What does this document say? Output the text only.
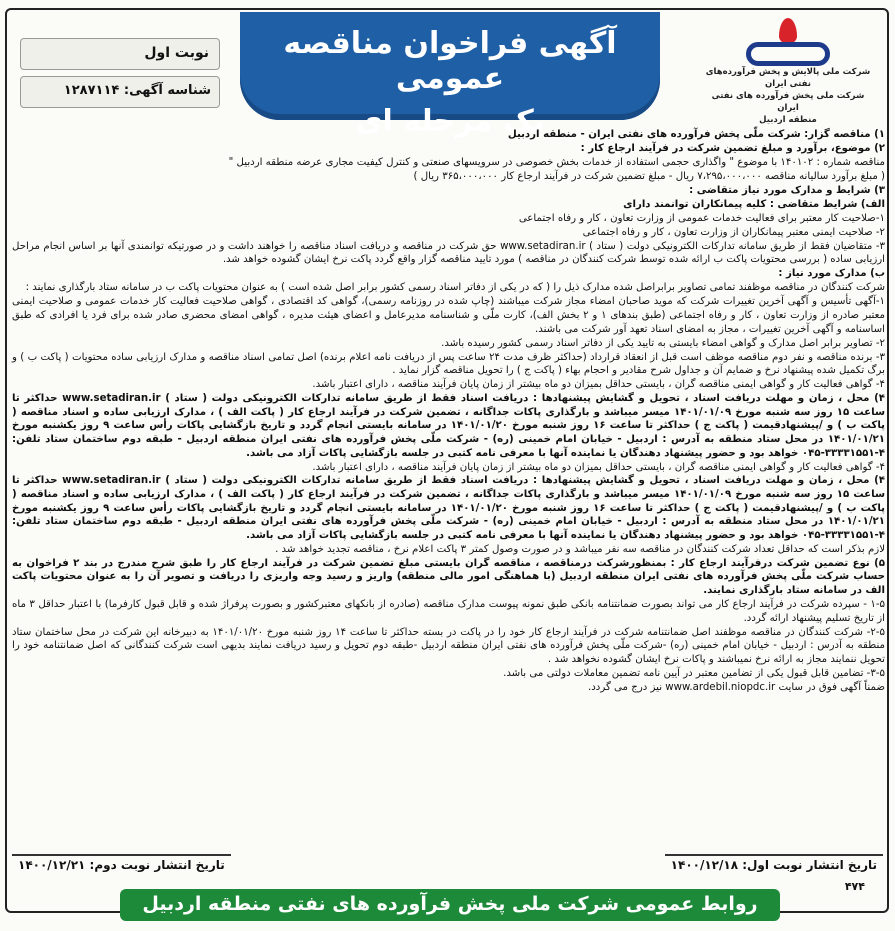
نوبت اول
شناسه آگهی: ۱۲۸۷۱۱۴
آگهی فراخوان مناقصه عمومی
یک مرحله ای
شرکت ملی پالایش و پخش فرآورده‌های نفتی ایران
شرکت ملی پخش فرآورده های نفتی ایران
منطقه اردبیل

۱) مناقصه گزار: شرکت ملّی پخش فرآورده های نفتی ایران - منطقه اردبیل

۲) موضوع، برآورد و مبلغ تضمین شرکت در فرآیند ارجاع کار :

مناقصه شماره : ۱۴۰۱۰۲ با موضوع " واگذاری حجمی استفاده از خدمات بخش خصوصی در سرویسهای صنعتی و کنترل کیفیت مجاری عرضه منطقه اردبیل "

( مبلغ برآورد سالیانه مناقصه ۷،۲۹۵،۰۰۰،۰۰۰ ریال - مبلغ تضمین شرکت در فرآیند ارجاع کار ۳۶۵،۰۰۰،۰۰۰ ریال )

۳) شرایط و مدارک مورد نیاز متقاضی :

الف) شرایط متقاضی : کلیه پیمانکاران توانمند دارای

۱-صلاحیت کار معتبر برای فعالیت خدمات عمومی از وزارت تعاون ، کار و رفاه اجتماعی

۲- صلاحیت ایمنی معتبر پیمانکاران از وزارت تعاون ، کار و رفاه اجتماعی

۳- متقاضیان فقط از طریق سامانه تدارکات الکترونیکی دولت ( ستاد ) www.setadiran.ir حق شرکت در مناقصه و دریافت اسناد مناقصه را خواهند داشت و در صورتیکه توانمندی آنها بر اساس انجام مراحل ارزیابی ساده ( بررسی محتویات پاکت ب ارائه شده توسط شرکت کنندگان در مناقصه ) مورد تایید مناقصه گزار واقع گردد پاکت نرخ ایشان گشوده خواهد شد.

ب) مدارک مورد نیاز :

شرکت کنندگان در مناقصه موظفند تمامی تصاویر برابراصل شده مدارک ذیل را ( که در یکی از دفاتر اسناد رسمی کشور برابر اصل شده است ) به عنوان محتویات پاکت ب در سامانه ستاد بارگذاری نمایند :

۱-آگهی تأسیس و آگهی آخرین تغییرات شرکت که موید صاحبان امضاء مجاز شرکت میباشند (چاپ شده در روزنامه رسمی)، گواهی کد اقتصادی ، گواهی صلاحیت فعالیت کار خدمات عمومی و صلاحیت ایمنی معتبر صادره از وزارت تعاون ، کار و رفاه اجتماعی (طبق بندهای ۱ و ۲ بخش الف)، کارت ملّی و شناسنامه مدیرعامل و اعضای هیئت مدیره ، گواهی امضای محضری صادر شده برای فرد یا افرادی که طبق اساسنامه و آگهی آخرین تغییرات ، مجاز به امضای اسناد تعهد آور شرکت می باشند.

۲- تصاویر برابر اصل مدارک و گواهی امضاء بایستی به تایید یکی از دفاتر اسناد رسمی کشور رسیده باشد.

۳- برنده مناقصه و نفر دوم مناقصه موظف است قبل از انعقاد قرارداد (حداکثر ظرف مدت ۲۴ ساعت پس از دریافت نامه اعلام برنده) اصل تمامی اسناد مناقصه و مدارک ارزیابی ساده محتویات ( پاکت ب ) و برگ تکمیل شده پیشنهاد نرخ و ضمایم آن و جداول شرح مقادیر و احجام بهاء ( پاکت ج ) را تحویل مناقصه گزار نماید .

۴- گواهی فعالیت کار و گواهی ایمنی مناقصه گران ، بایستی حداقل بمیزان دو ماه بیشتر از زمان پایان فرآیند مناقصه ، دارای اعتبار باشد.

۴) محل ، زمان و مهلت دریافت اسناد ، تحویل و گشایش پیشنهادها : دریافت اسناد فقط از طریق سامانه تدارکات الکترونیکی دولت ( ستاد ) www.setadiran.ir حداکثر تا ساعت ۱۵ روز سه شنبه مورخ ۱۴۰۱/۰۱/۰۹ میسر میباشد و بارگذاری پاکات جداگانه ، تضمین شرکت در فرآیند ارجاع کار ( پاکت الف ) ، مدارک ارزیابی ساده و اسناد مناقصه ( پاکت ب ) و /پیشنهادقیمت ( پاکت ج ) حداکثر تا ساعت ۱۶ روز شنبه مورخ ۱۴۰۱/۰۱/۲۰ در سامانه بایستی انجام گردد و تاریخ بازگشایی پاکات رأس ساعت ۹ روز یکشنبه مورخ ۱۴۰۱/۰۱/۲۱ در محل ستاد منطقه به آدرس : اردبیل - خیابان امام خمینی (ره) - شرکت ملّی پخش فرآورده های نفتی ایران منطقه اردبیل - طبقه دوم ساختمان ستاد تلفن: ۴-۳۳۳۳۱۵۵۱-۰۴۵ خواهد بود و حضور پیشنهاد دهندگان یا نماینده آنها با معرفی نامه کتبی در جلسه بازگشایی پاکات آزاد می باشد.

۴- گواهی فعالیت کار و گواهی ایمنی مناقصه گران ، بایستی حداقل بمیزان دو ماه بیشتر از زمان پایان فرآیند مناقصه ، دارای اعتبار باشد.

۴) محل ، زمان و مهلت دریافت اسناد ، تحویل و گشایش پیشنهادها : دریافت اسناد فقط از طریق سامانه تدارکات الکترونیکی دولت ( ستاد ) www.setadiran.ir حداکثر تا ساعت ۱۵ روز سه شنبه مورخ ۱۴۰۱/۰۱/۰۹ میسر میباشد و بارگذاری پاکات جداگانه ، تضمین شرکت در فرآیند ارجاع کار ( پاکت الف ) ، مدارک ارزیابی ساده و اسناد مناقصه ( پاکت ب ) و /پیشنهادقیمت ( پاکت ج ) حداکثر تا ساعت ۱۶ روز شنبه مورخ ۱۴۰۱/۰۱/۲۰ در سامانه بایستی انجام گردد و تاریخ بازگشایی پاکات رأس ساعت ۹ روز یکشنبه مورخ ۱۴۰۱/۰۱/۲۱ در محل ستاد منطقه به آدرس : اردبیل - خیابان امام خمینی (ره) - شرکت ملّی پخش فرآورده های نفتی ایران منطقه اردبیل - طبقه دوم ساختمان ستاد تلفن: ۴-۳۳۳۳۱۵۵۱-۰۴۵ خواهد بود و حضور پیشنهاد دهندگان یا نماینده آنها با معرفی نامه کتبی در جلسه بازگشایی پاکات آزاد می باشد.

لازم بذکر است که حداقل تعداد شرکت کنندگان در مناقصه سه نفر میباشد و در صورت وصول کمتر ۳ پاکت اعلام نرخ ، مناقصه تجدید خواهد شد .

۵) نوع تضمین شرکت درفرآیند ارجاع کار : بمنظورشرکت درمناقصه ، مناقصه گران بایستی مبلغ تضمین شرکت در فرآیند ارجاع کار را طبق شرح مندرج در بند ۲ فراخوان به حساب شرکت ملّی پخش فرآورده های نفتی ایران منطقه اردبیل (با هماهنگی امور مالی منطقه) واریز و رسید وجه واریزی را دریافت و تصویر آن را به عنوان محتویات پاکت الف در سامانه ستاد بارگذاری نمایند.

۱-۵ - سپرده شرکت در فرآیند ارجاع کار می تواند بصورت ضمانتنامه بانکی طبق نمونه پیوست مدارک مناقصه (صادره از بانکهای معتبرکشور و بصورت پرفراژ شده و قابل قبول کارفرما) با اعتبار حداقل ۳ ماه از تاریخ تسلیم پیشنهاد ارائه گردد.

۲-۵- شرکت کنندگان در مناقصه موظفند اصل ضمانتنامه شرکت در فرآیند ارجاع کار خود را در پاکت در بسته حداکثر تا ساعت ۱۴ روز شنبه مورخ ۱۴۰۱/۰۱/۲۰ به دبیرخانه این شرکت در محل ساختمان ستاد منطقه به آدرس : اردبیل - خیابان امام خمینی (ره) -شرکت ملّی پخش فرآورده های نفتی ایران منطقه اردبیل -طبقه دوم تحویل و رسید دریافت نمایند بدیهی است شرکت کنندگانی که اصل ضمانتنامه خود را تحویل ننمایند مجاز به ارائه نرخ نمیباشند و پاکات نرخ ایشان گشوده نخواهد شد .

۳-۵- تضامین قابل قبول یکی از تضامین معتبر در آیین نامه تضمین معاملات دولتی می باشد.

ضمناً آگهی فوق در سایت www.ardebil.niopdc.ir نیز درج می گردد.

تاریخ انتشار نوبت اول: ۱۴۰۰/۱۲/۱۸
تاریخ انتشار نوبت دوم: ۱۴۰۰/۱۲/۲۱
۴۷۴
روابط عمومی شرکت ملی پخش فرآورده های نفتی منطقه اردبیل
